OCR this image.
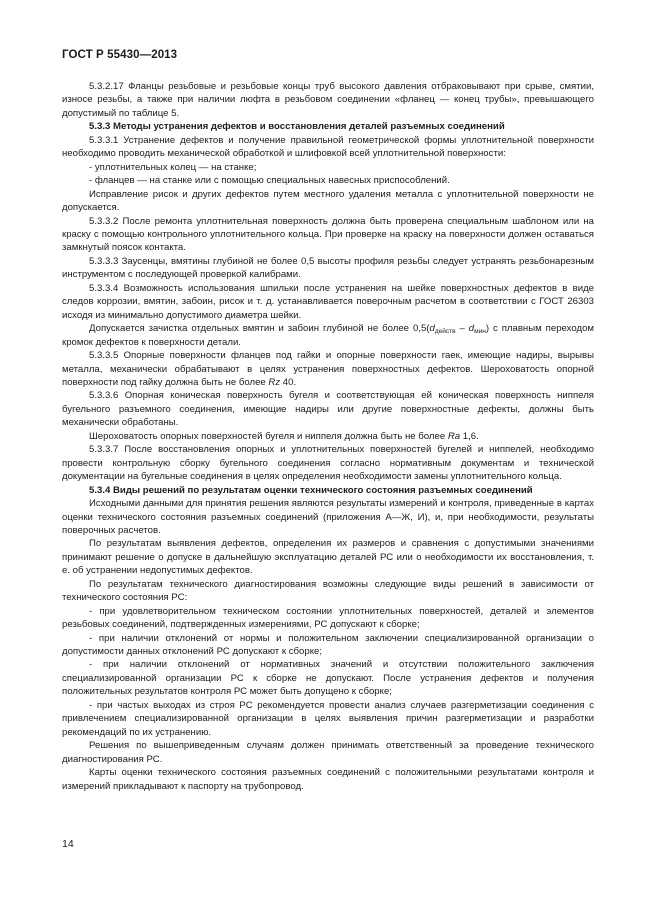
ГОСТ Р 55430—2013

5.3.2.17 Фланцы резьбовые и резьбовые концы труб высокого давления отбраковывают при срыве, смятии, износе резьбы, а также при наличии люфта в резьбовом соединении «фланец — конец трубы», превышающего допустимый по таблице 5.

5.3.3 Методы устранения дефектов и восстановления деталей разъемных соединений

5.3.3.1 Устранение дефектов и получение правильной геометрической формы уплотнительной поверхности необходимо проводить механической обработкой и шлифовкой всей уплотнительной поверхности:

- уплотнительных колец — на станке;

- фланцев — на станке или с помощью специальных навесных приспособлений.

Исправление рисок и других дефектов путем местного удаления металла с уплотнительной поверхности не допускается.

5.3.3.2 После ремонта уплотнительная поверхность должна быть проверена специальным шаблоном или на краску с помощью контрольного уплотнительного кольца. При проверке на краску на поверхности должен оставаться замкнутый поясок контакта.

5.3.3.3 Заусенцы, вмятины глубиной не более 0,5 высоты профиля резьбы следует устранять резьбонарезным инструментом с последующей проверкой калибрами.

5.3.3.4 Возможность использования шпильки после устранения на шейке поверхностных дефектов в виде следов коррозии, вмятин, забоин, рисок и т. д. устанавливается поверочным расчетом в соответствии с ГОСТ 26303 исходя из минимально допустимого диаметра шейки.

Допускается зачистка отдельных вмятин и забоин глубиной не более $0,5(d_{действ} - d_{мин})$ с плавным переходом кромок дефектов к поверхности детали.

5.3.3.5 Опорные поверхности фланцев под гайки и опорные поверхности гаек, имеющие надиры, вырывы металла, механически обрабатывают в целях устранения поверхностных дефектов. Шероховатость опорной поверхности под гайку должна быть не более Rz 40.

5.3.3.6 Опорная коническая поверхность бугеля и соответствующая ей коническая поверхность ниппеля бугельного разъемного соединения, имеющие надиры или другие поверхностные дефекты, должны быть механически обработаны.

Шероховатость опорных поверхностей бугеля и ниппеля должна быть не более Ra 1,6.

5.3.3.7 После восстановления опорных и уплотнительных поверхностей бугелей и ниппелей, необходимо провести контрольную сборку бугельного соединения согласно нормативным документам и технической документации на бугельные соединения в целях определения необходимости замены уплотнительного кольца.

5.3.4 Виды решений по результатам оценки технического состояния разъемных соединений

Исходными данными для принятия решения являются результаты измерений и контроля, приведенные в картах оценки технического состояния разъемных соединений (приложения А—Ж, И), и, при необходимости, результаты поверочных расчетов.

По результатам выявления дефектов, определения их размеров и сравнения с допустимыми значениями принимают решение о допуске в дальнейшую эксплуатацию деталей РС или о необходимости их восстановления, т. е. об устранении недопустимых дефектов.

По результатам технического диагностирования возможны следующие виды решений в зависимости от технического состояния РС:

- при удовлетворительном техническом состоянии уплотнительных поверхностей, деталей и элементов резьбовых соединений, подтвержденных измерениями, РС допускают к сборке;

- при наличии отклонений от нормы и положительном заключении специализированной организации о допустимости данных отклонений РС допускают к сборке;

- при наличии отклонений от нормативных значений и отсутствии положительного заключения специализированной организации РС к сборке не допускают. После устранения дефектов и получения положительных результатов контроля РС может быть допущено к сборке;

- при частых выходах из строя РС рекомендуется провести анализ случаев разгерметизации соединения с привлечением специализированной организации в целях выявления причин разгерметизации и разработки рекомендаций по их устранению.

Решения по вышеприведенным случаям должен принимать ответственный за проведение технического диагностирования РС.

Карты оценки технического состояния разъемных соединений с положительными результатами контроля и измерений прикладывают к паспорту на трубопровод.

14
